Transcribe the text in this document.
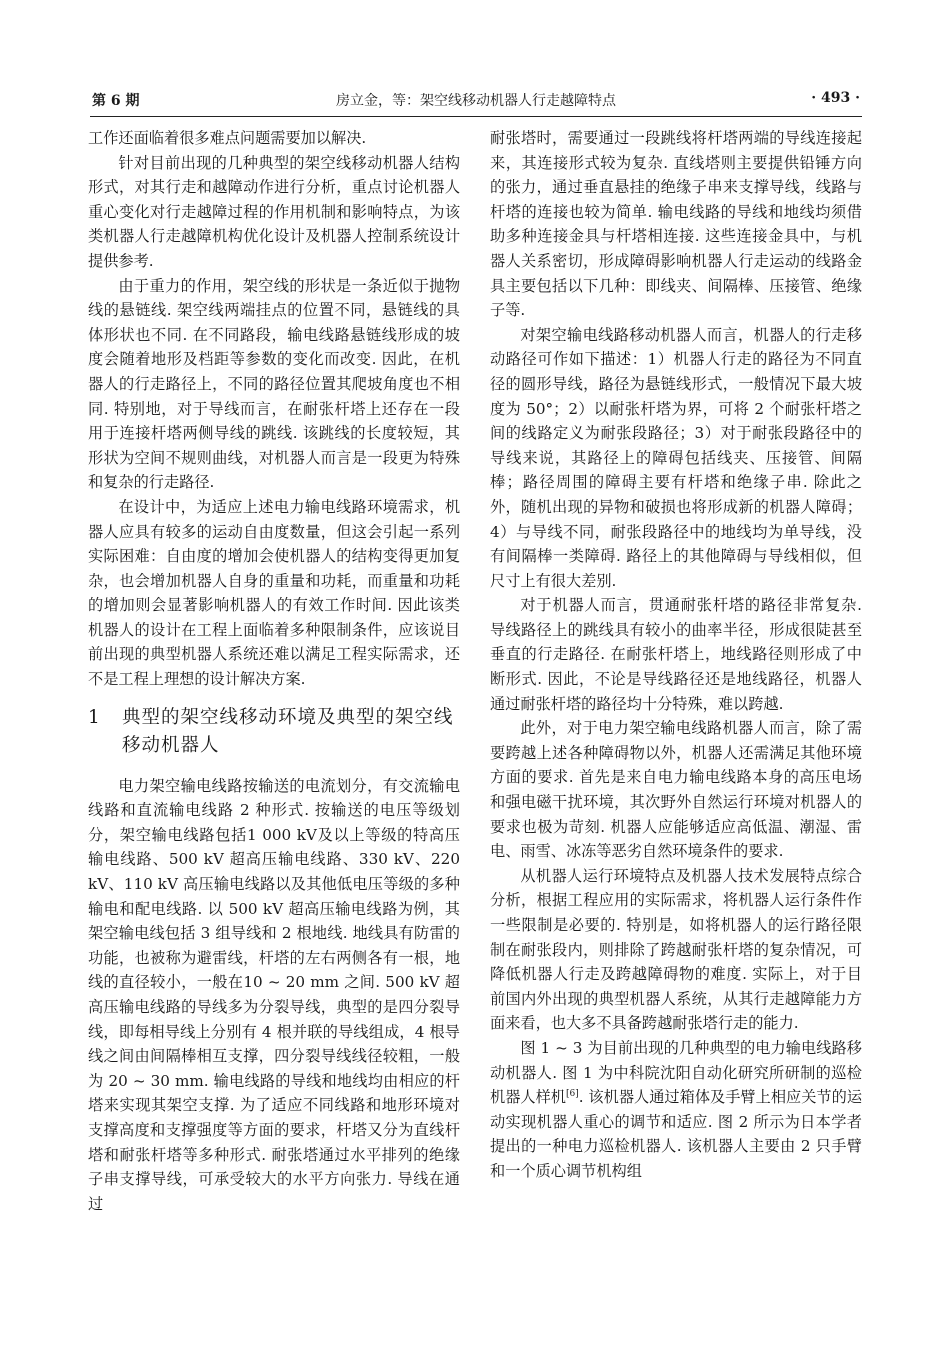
第 6 期	房立金，等：架空线移动机器人行走越障特点	· 493 ·

工作还面临着很多难点问题需要加以解决.

针对目前出现的几种典型的架空线移动机器人结构形式，对其行走和越障动作进行分析，重点讨论机器人重心变化对行走越障过程的作用机制和影响特点，为该类机器人行走越障机构优化设计及机器人控制系统设计提供参考.

由于重力的作用，架空线的形状是一条近似于抛物线的悬链线. 架空线两端挂点的位置不同，悬链线的具体形状也不同. 在不同路段，输电线路悬链线形成的坡度会随着地形及档距等参数的变化而改变. 因此，在机器人的行走路径上，不同的路径位置其爬坡角度也不相同. 特别地，对于导线而言，在耐张杆塔上还存在一段用于连接杆塔两侧导线的跳线. 该跳线的长度较短，其形状为空间不规则曲线，对机器人而言是一段更为特殊和复杂的行走路径.

在设计中，为适应上述电力输电线路环境需求，机器人应具有较多的运动自由度数量，但这会引起一系列实际困难：自由度的增加会使机器人的结构变得更加复杂，也会增加机器人自身的重量和功耗，而重量和功耗的增加则会显著影响机器人的有效工作时间. 因此该类机器人的设计在工程上面临着多种限制条件，应该说目前出现的典型机器人系统还难以满足工程实际需求，还不是工程上理想的设计解决方案.

1	典型的架空线移动环境及典型的架空线移动机器人

电力架空输电线路按输送的电流划分，有交流输电线路和直流输电线路 2 种形式. 按输送的电压等级划分，架空输电线路包括1 000 kV及以上等级的特高压输电线路、500 kV 超高压输电线路、330 kV、220 kV、110 kV 高压输电线路以及其他低电压等级的多种输电和配电线路. 以 500 kV 超高压输电线路为例，其架空输电线包括 3 组导线和 2 根地线. 地线具有防雷的功能，也被称为避雷线，杆塔的左右两侧各有一根，地线的直径较小，一般在10 ~ 20 mm 之间. 500 kV 超高压输电线路的导线多为分裂导线，典型的是四分裂导线，即每相导线上分别有 4 根并联的导线组成，4 根导线之间由间隔棒相互支撑，四分裂导线线径较粗，一般为 20 ~ 30 mm. 输电线路的导线和地线均由相应的杆塔来实现其架空支撑. 为了适应不同线路和地形环境对支撑高度和支撑强度等方面的要求，杆塔又分为直线杆塔和耐张杆塔等多种形式. 耐张塔通过水平排列的绝缘子串支撑导线，可承受较大的水平方向张力. 导线在通过

耐张塔时，需要通过一段跳线将杆塔两端的导线连接起来，其连接形式较为复杂. 直线塔则主要提供铅锤方向的张力，通过垂直悬挂的绝缘子串来支撑导线，线路与杆塔的连接也较为简单. 输电线路的导线和地线均须借助多种连接金具与杆塔相连接. 这些连接金具中，与机器人关系密切，形成障碍影响机器人行走运动的线路金具主要包括以下几种：即线夹、间隔棒、压接管、绝缘子等.

对架空输电线路移动机器人而言，机器人的行走移动路径可作如下描述：1）机器人行走的路径为不同直径的圆形导线，路径为悬链线形式，一般情况下最大坡度为 50°；2）以耐张杆塔为界，可将 2 个耐张杆塔之间的线路定义为耐张段路径；3）对于耐张段路径中的导线来说，其路径上的障碍包括线夹、压接管、间隔棒；路径周围的障碍主要有杆塔和绝缘子串. 除此之外，随机出现的异物和破损也将形成新的机器人障碍；4）与导线不同，耐张段路径中的地线均为单导线，没有间隔棒一类障碍. 路径上的其他障碍与导线相似，但尺寸上有很大差别.

对于机器人而言，贯通耐张杆塔的路径非常复杂. 导线路径上的跳线具有较小的曲率半径，形成很陡甚至垂直的行走路径. 在耐张杆塔上，地线路径则形成了中断形式. 因此，不论是导线路径还是地线路径，机器人通过耐张杆塔的路径均十分特殊，难以跨越.

此外，对于电力架空输电线路机器人而言，除了需要跨越上述各种障碍物以外，机器人还需满足其他环境方面的要求. 首先是来自电力输电线路本身的高压电场和强电磁干扰环境，其次野外自然运行环境对机器人的要求也极为苛刻. 机器人应能够适应高低温、潮湿、雷电、雨雪、冰冻等恶劣自然环境条件的要求.

从机器人运行环境特点及机器人技术发展特点综合分析，根据工程应用的实际需求，将机器人运行条件作一些限制是必要的. 特别是，如将机器人的运行路径限制在耐张段内，则排除了跨越耐张杆塔的复杂情况，可降低机器人行走及跨越障碍物的难度. 实际上，对于目前国内外出现的典型机器人系统，从其行走越障能力方面来看，也大多不具备跨越耐张塔行走的能力.

图 1 ~ 3 为目前出现的几种典型的电力输电线路移动机器人. 图 1 为中科院沈阳自动化研究所研制的巡检机器人样机[6]. 该机器人通过箱体及手臂上相应关节的运动实现机器人重心的调节和适应. 图 2 所示为日本学者提出的一种电力巡检机器人. 该机器人主要由 2 只手臂和一个质心调节机构组
